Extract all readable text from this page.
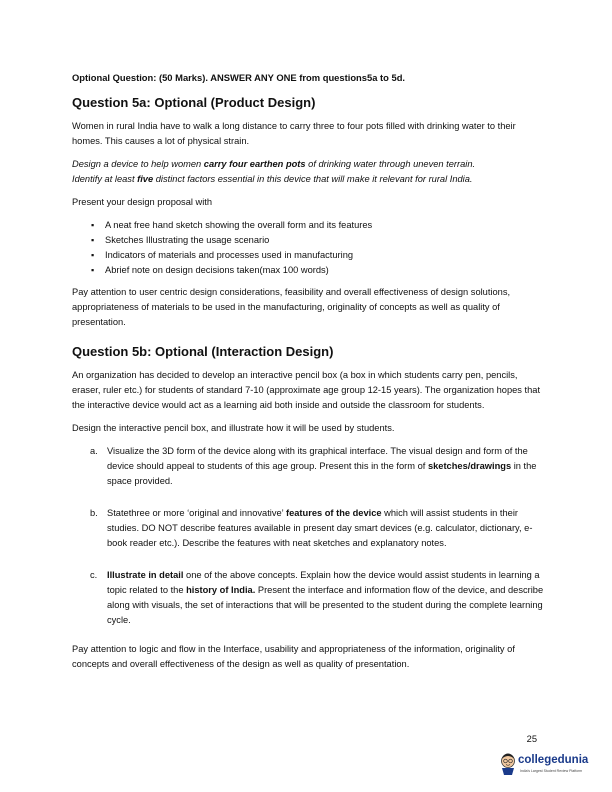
Optional Question: (50 Marks). ANSWER ANY ONE from questions5a to 5d.

Question 5a: Optional (Product Design)

Women in rural India have to walk a long distance to carry three to four pots filled with drinking water to their homes. This causes a lot of physical strain.

Design a device to help women carry four earthen pots of drinking water through uneven terrain.
Identify at least five distinct factors essential in this device that will make it relevant for rural India.

Present your design proposal with

▪ A neat free hand sketch showing the overall form and its features
▪ Sketches Illustrating the usage scenario
▪ Indicators of materials and processes used in manufacturing
▪ Abrief note on design decisions taken(max 100 words)

Pay attention to user centric design considerations, feasibility and overall effectiveness of design solutions, appropriateness of materials to be used in the manufacturing, originality of concepts as well as quality of presentation.

Question 5b: Optional (Interaction Design)

An organization has decided to develop an interactive pencil box (a box in which students carry pen, pencils, eraser, ruler etc.) for students of standard 7-10 (approximate age group 12-15 years). The organization hopes that the interactive device would act as a learning aid both inside and outside the classroom for students.

Design the interactive pencil box, and illustrate how it will be used by students.

a. Visualize the 3D form of the device along with its graphical interface. The visual design and form of the device should appeal to students of this age group. Present this in the form of sketches/drawings in the space provided.
b. Statethree or more ‘original and innovative’ features of the device which will assist students in their studies. DO NOT describe features available in present day smart devices (e.g. calculator, dictionary, e-book reader etc.). Describe the features with neat sketches and explanatory notes.
c. Illustrate in detail one of the above concepts. Explain how the device would assist students in learning a topic related to the history of India. Present the interface and information flow of the device, and describe along with visuals, the set of interactions that will be presented to the student during the complete learning cycle.

Pay attention to logic and flow in the Interface, usability and appropriateness of the information, originality of concepts and overall effectiveness of the design as well as quality of presentation.

25
collegedunia
India's Largest Student Review Platform
